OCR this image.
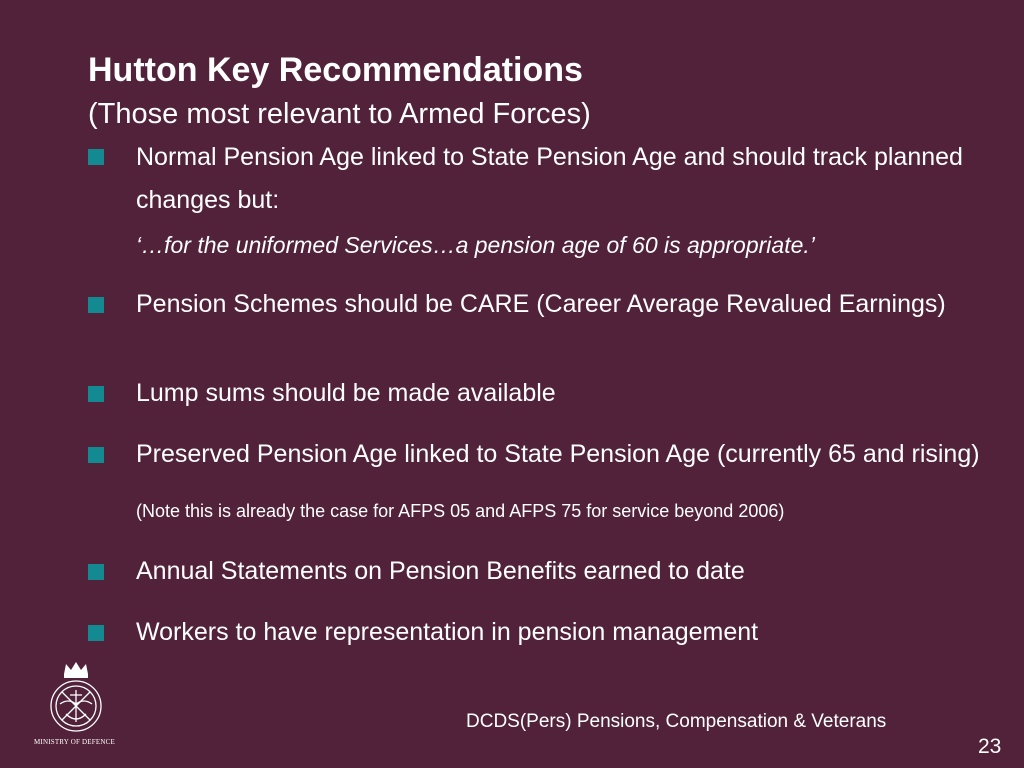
Hutton Key Recommendations
(Those most relevant to Armed Forces)
Normal Pension Age linked to State Pension Age and should track planned changes but:
‘…for the uniformed Services…a pension age of 60 is appropriate.’
Pension Schemes should be CARE (Career Average Revalued Earnings)
Lump sums should be made available
Preserved Pension Age linked to State Pension Age (currently 65 and rising)
(Note this is already the case for AFPS 05 and AFPS 75 for service beyond 2006)
Annual Statements on Pension Benefits earned to date
Workers to have representation in pension management
MINISTRY OF DEFENCE
DCDS(Pers) Pensions, Compensation & Veterans
23
